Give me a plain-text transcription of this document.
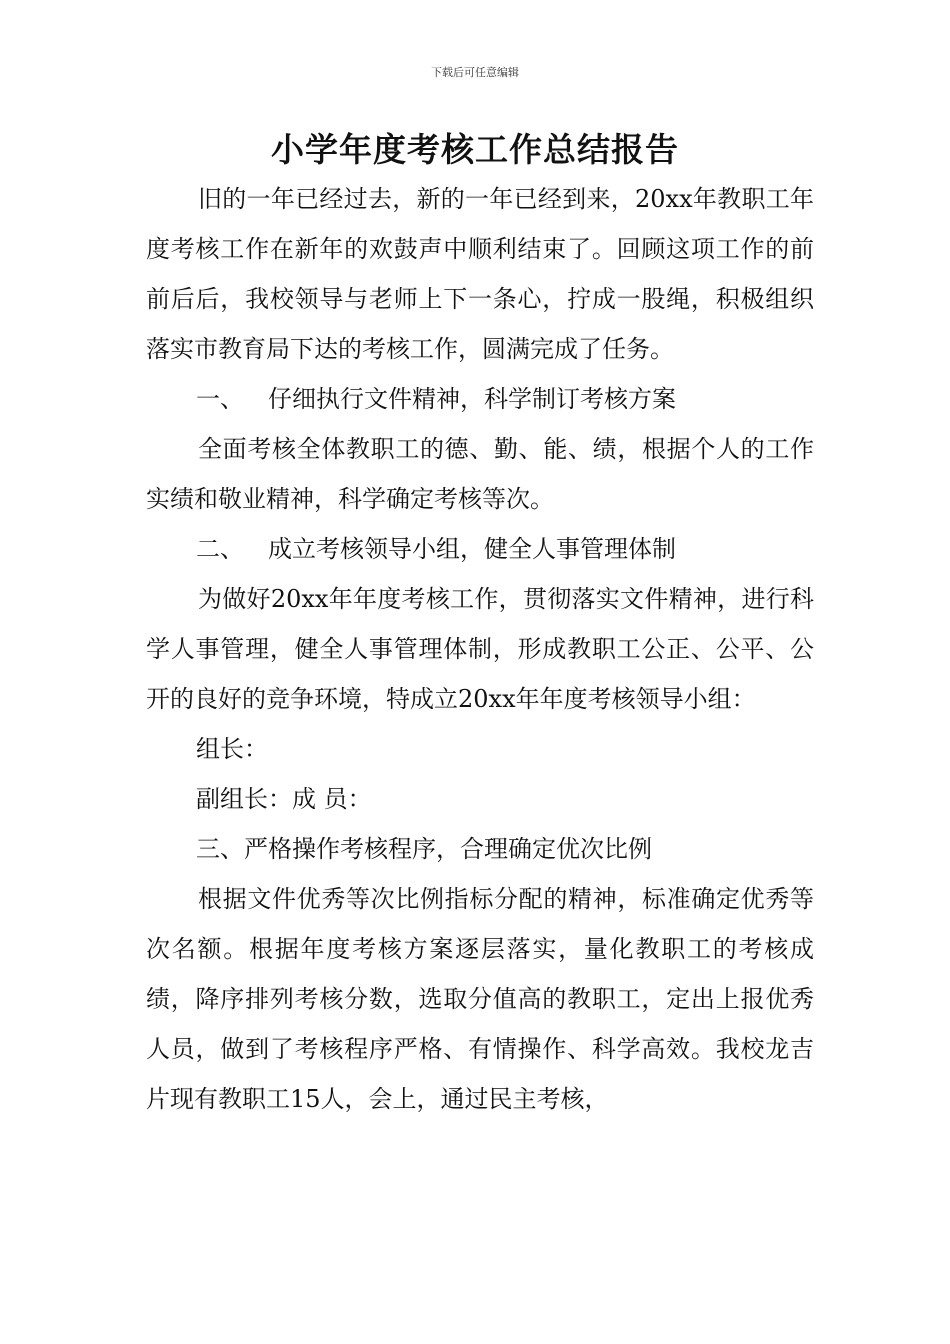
下载后可任意编辑
小学年度考核工作总结报告

旧的一年已经过去，新的一年已经到来，20xx年教职工年度考核工作在新年的欢鼓声中顺利结束了。回顾这项工作的前前后后，我校领导与老师上下一条心，拧成一股绳，积极组织落实市教育局下达的考核工作，圆满完成了任务。

一、 仔细执行文件精神，科学制订考核方案

全面考核全体教职工的德、勤、能、绩，根据个人的工作实绩和敬业精神，科学确定考核等次。

二、 成立考核领导小组，健全人事管理体制

为做好20xx年年度考核工作，贯彻落实文件精神，进行科学人事管理，健全人事管理体制，形成教职工公正、公平、公开的良好的竞争环境，特成立20xx年年度考核领导小组：

组长：

副组长：成 员：

三、严格操作考核程序，合理确定优次比例

根据文件优秀等次比例指标分配的精神，标准确定优秀等次名额。根据年度考核方案逐层落实，量化教职工的考核成绩，降序排列考核分数，选取分值高的教职工，定出上报优秀人员，做到了考核程序严格、有情操作、科学高效。我校龙吉片现有教职工15人，会上，通过民主考核，
